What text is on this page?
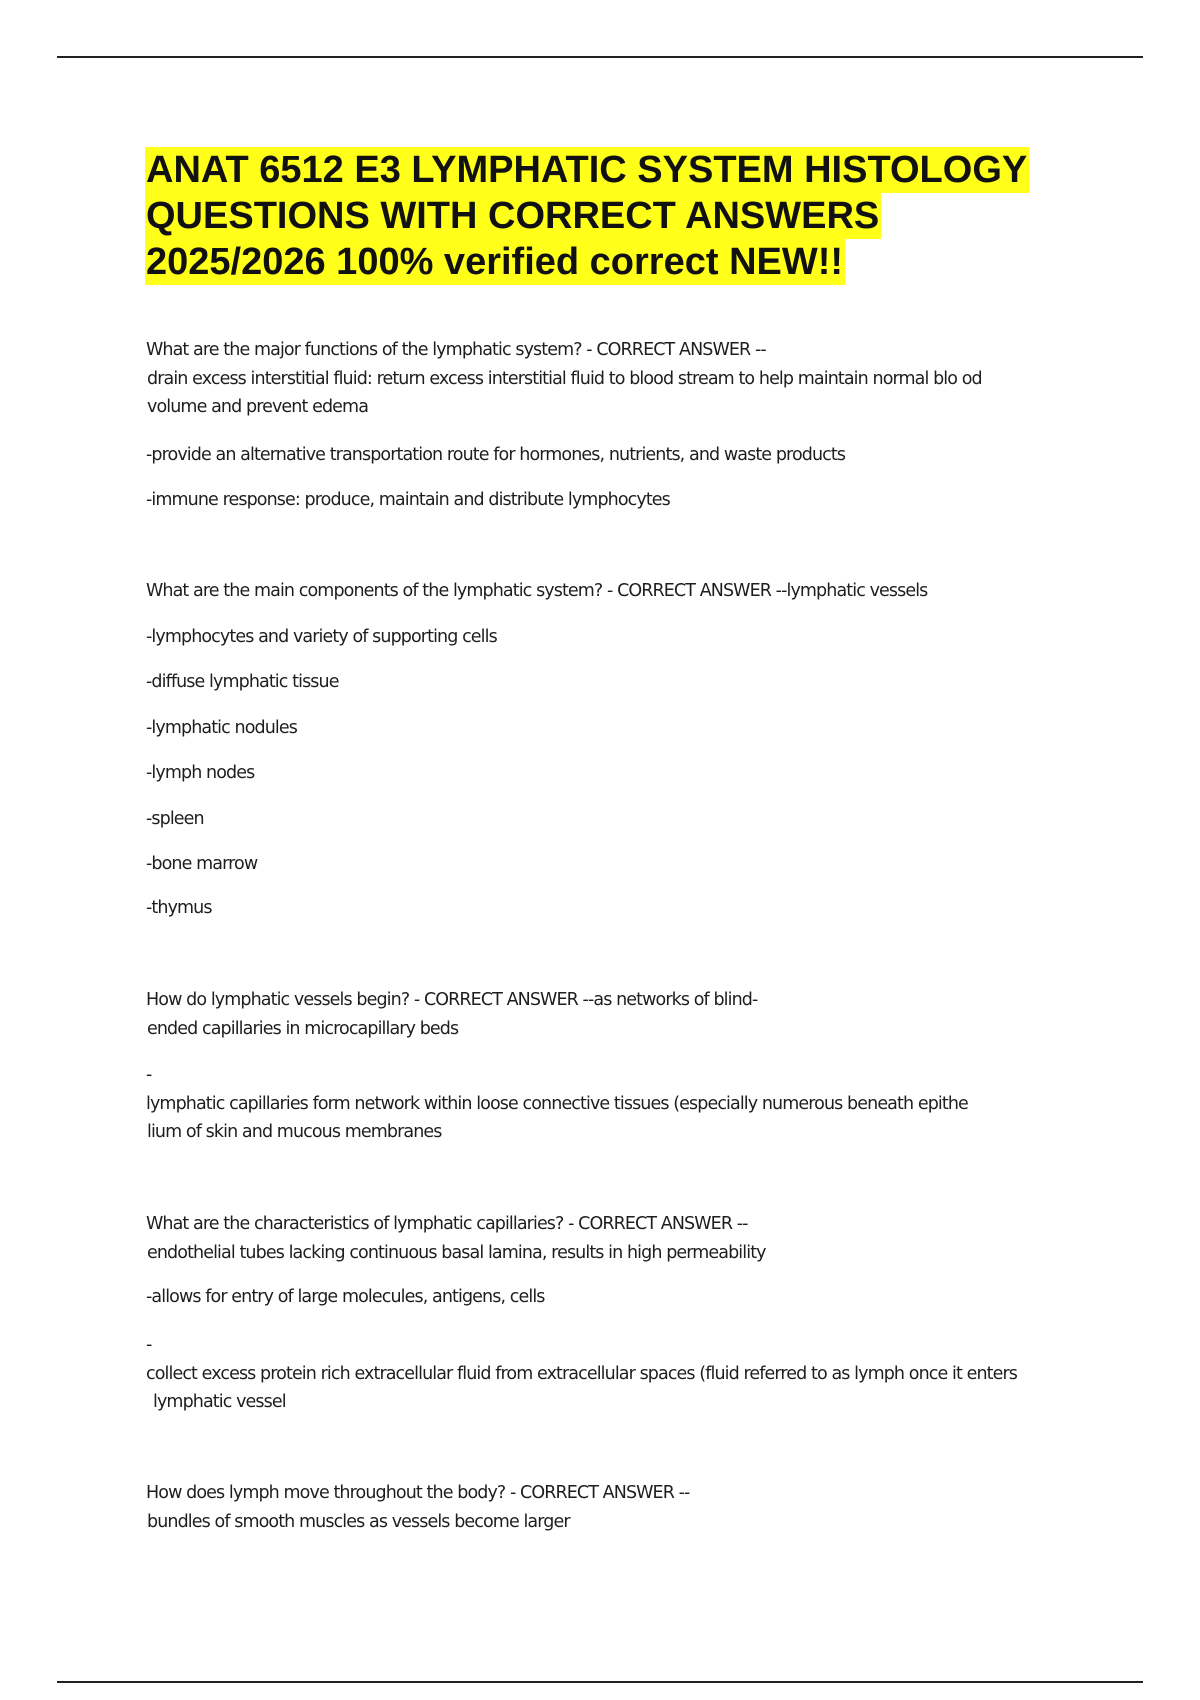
ANAT 6512 E3 LYMPHATIC SYSTEM HISTOLOGY
QUESTIONS WITH CORRECT ANSWERS
2025/2026 100% verified correct NEW!!

What are the major functions of the lymphatic system? - CORRECT ANSWER --
drain excess interstitial fluid: return excess interstitial fluid to blood stream to help maintain normal blo od
volume and prevent edema

-provide an alternative transportation route for hormones, nutrients, and waste products

-immune response: produce, maintain and distribute lymphocytes

What are the main components of the lymphatic system? - CORRECT ANSWER --lymphatic vessels

-lymphocytes and variety of supporting cells

-diffuse lymphatic tissue

-lymphatic nodules

-lymph nodes

-spleen

-bone marrow

-thymus

How do lymphatic vessels begin? - CORRECT ANSWER --as networks of blind-
ended capillaries in microcapillary beds

-
lymphatic capillaries form network within loose connective tissues (especially numerous beneath epithe
lium of skin and mucous membranes

What are the characteristics of lymphatic capillaries? - CORRECT ANSWER --
endothelial tubes lacking continuous basal lamina, results in high permeability

-allows for entry of large molecules, antigens, cells

-
collect excess protein rich extracellular fluid from extracellular spaces (fluid referred to as lymph once it enters
lymphatic vessel

How does lymph move throughout the body? - CORRECT ANSWER --
bundles of smooth muscles as vessels become larger
